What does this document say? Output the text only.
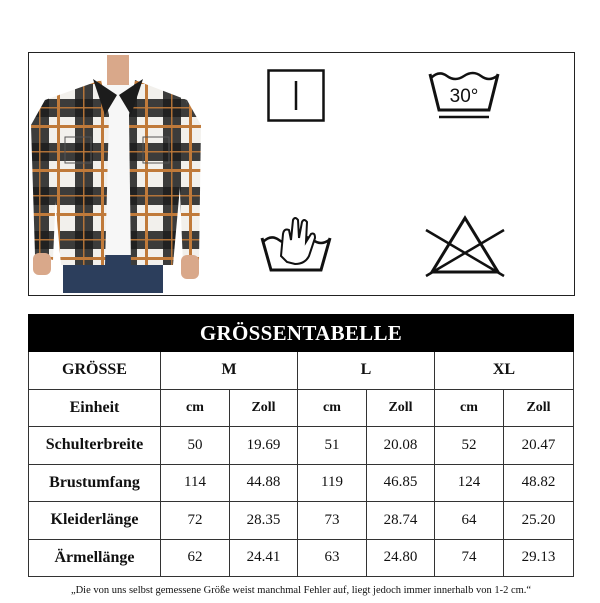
30°
GRÖSSENTABELLE						
GRÖSSE	M		L		XL	
Einheit	cm	Zoll	cm	Zoll	cm	Zoll
Schulterbreite	50	19.69	51	20.08	52	20.47
Brustumfang	114	44.88	119	46.85	124	48.82
Kleiderlänge	72	28.35	73	28.74	64	25.20
Ärmellänge	62	24.41	63	24.80	74	29.13
„Die von uns selbst gemessene Größe weist manchmal Fehler auf, liegt jedoch immer innerhalb von 1-2 cm.“						
